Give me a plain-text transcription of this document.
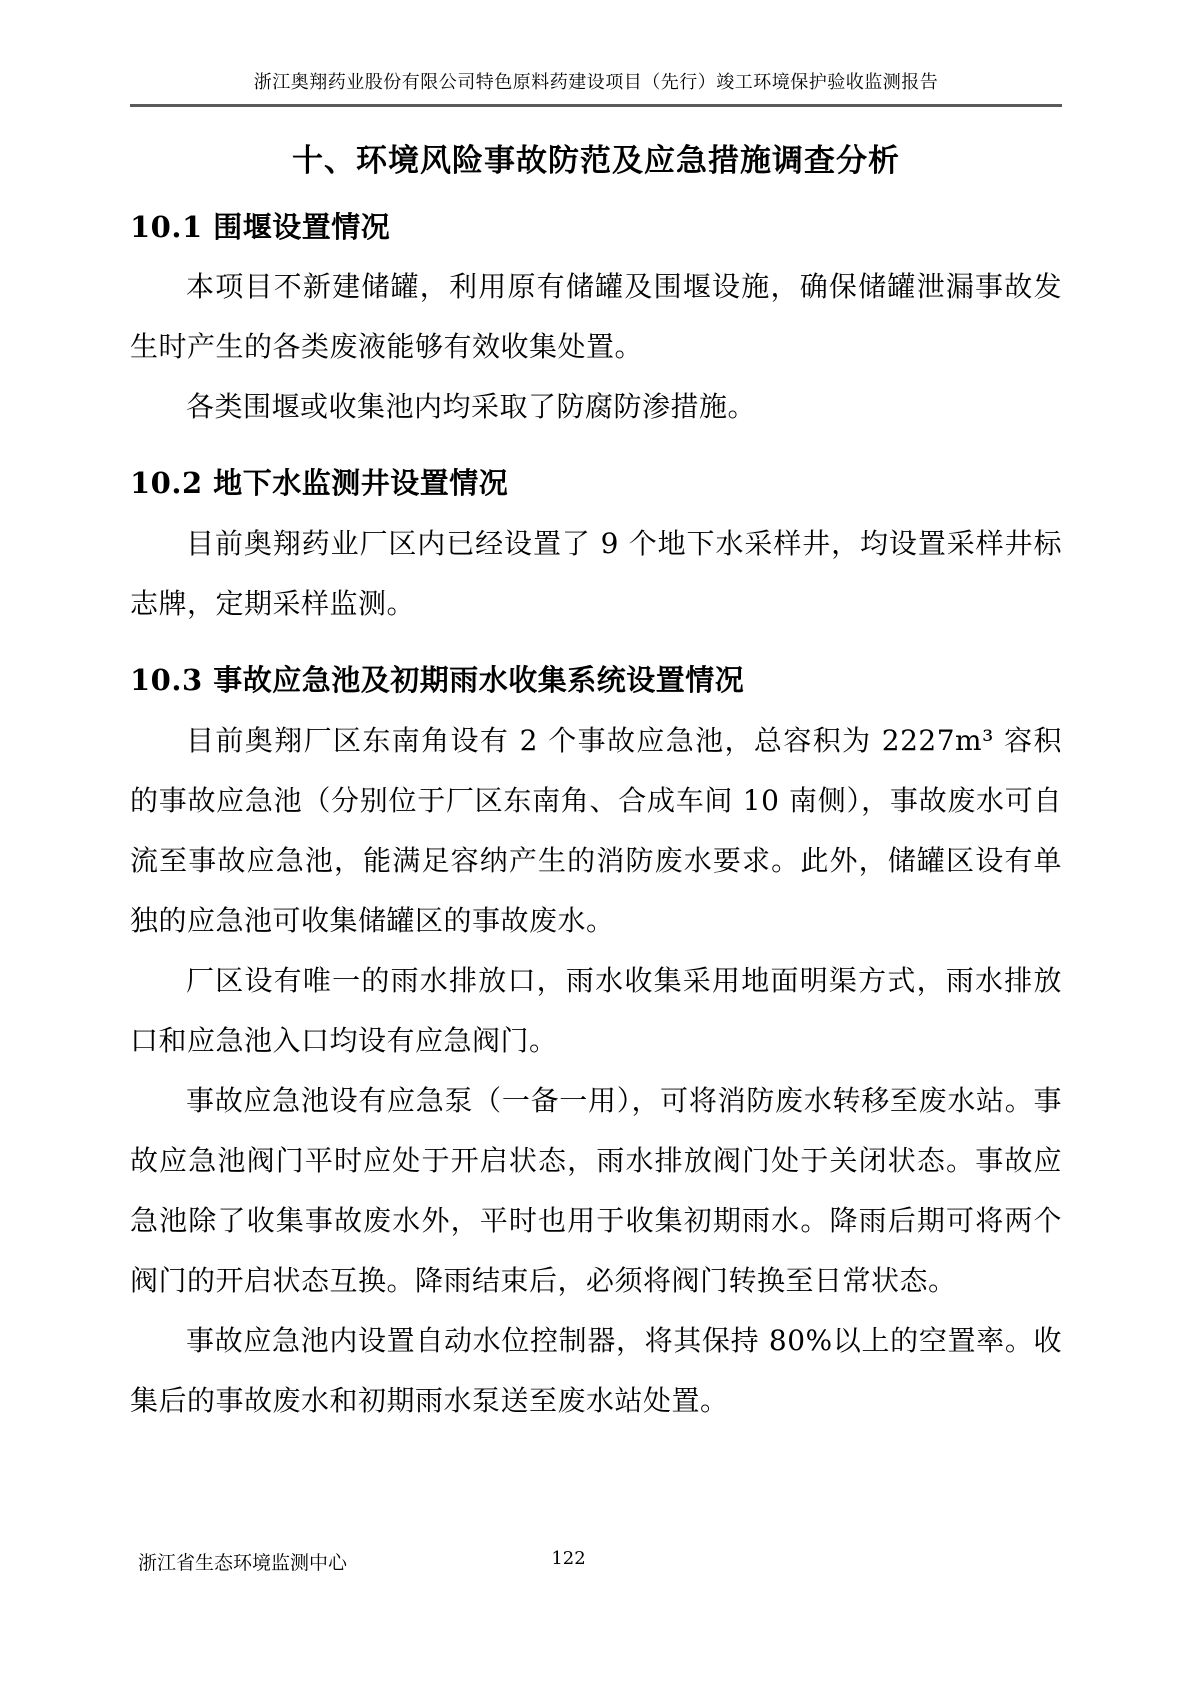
浙江奥翔药业股份有限公司特色原料药建设项目（先行）竣工环境保护验收监测报告
十、环境风险事故防范及应急措施调查分析
10.1 围堰设置情况

本项目不新建储罐，利用原有储罐及围堰设施，确保储罐泄漏事故发生时产生的各类废液能够有效收集处置。

各类围堰或收集池内均采取了防腐防渗措施。

10.2 地下水监测井设置情况

目前奥翔药业厂区内已经设置了 9 个地下水采样井，均设置采样井标志牌，定期采样监测。

10.3 事故应急池及初期雨水收集系统设置情况

目前奥翔厂区东南角设有 2 个事故应急池，总容积为 2227m³ 容积的事故应急池（分别位于厂区东南角、合成车间 10 南侧），事故废水可自流至事故应急池，能满足容纳产生的消防废水要求。此外，储罐区设有单独的应急池可收集储罐区的事故废水。

厂区设有唯一的雨水排放口，雨水收集采用地面明渠方式，雨水排放口和应急池入口均设有应急阀门。

事故应急池设有应急泵（一备一用），可将消防废水转移至废水站。事故应急池阀门平时应处于开启状态，雨水排放阀门处于关闭状态。事故应急池除了收集事故废水外，平时也用于收集初期雨水。降雨后期可将两个阀门的开启状态互换。降雨结束后，必须将阀门转换至日常状态。

事故应急池内设置自动水位控制器，将其保持 80%以上的空置率。收集后的事故废水和初期雨水泵送至废水站处置。

浙江省生态环境监测中心	122
